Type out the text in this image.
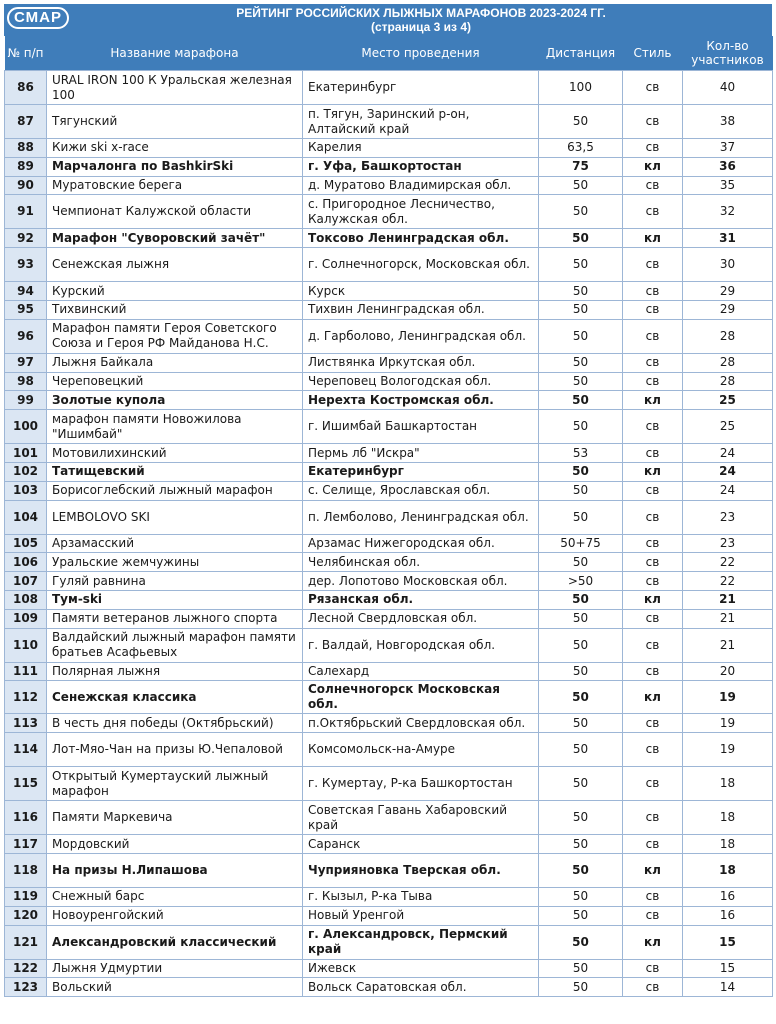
СМАР	РЕЙТИНГ РОССИЙСКИХ ЛЫЖНЫХ МАРАФОНОВ 2023-2024 ГГ.
(страница 3 из 4)
№ п/п	Название марафона	Место проведения	Дистанция	Стиль	Кол-во участников
86	URAL IRON 100 К Уральская железная 100	Екатеринбург	100	св	40
87	Тягунский	п. Тягун, Заринский р-он, Алтайский край	50	св	38
88	Кижи ski x-race	Карелия	63,5	св	37
89	Марчалонга по BashkirSki	г. Уфа, Башкортостан	75	кл	36
90	Муратовские берега	д. Муратово Владимирская обл.	50	св	35
91	Чемпионат Калужской области	с. Пригородное Лесничество, Калужская обл.	50	св	32
92	Марафон "Суворовский зачёт"	Токсово Ленинградская обл.	50	кл	31
93	Сенежская лыжня	г. Солнечногорск, Московская обл.	50	св	30
94	Курский	Курск	50	св	29
95	Тихвинский	Тихвин Ленинградская обл.	50	св	29
96	Марафон памяти Героя Советского Союза и Героя РФ Майданова Н.С.	д. Гарболово, Ленинградская обл.	50	св	28
97	Лыжня Байкала	Листвянка Иркутская обл.	50	св	28
98	Череповецкий	Череповец Вологодская обл.	50	св	28
99	Золотые купола	Нерехта Костромская обл.	50	кл	25
100	марафон памяти Новожилова "Ишимбай"	г. Ишимбай Башкартостан	50	св	25
101	Мотовилихинский	Пермь лб "Искра"	53	св	24
102	Татищевский	Екатеринбург	50	кл	24
103	Борисоглебский лыжный марафон	с. Селище, Ярославская обл.	50	св	24
104	LEMBOLOVO SKI	п. Лемболово, Ленинградская обл.	50	св	23
105	Арзамасский	Арзамас Нижегородская обл.	50+75	св	23
106	Уральские жемчужины	Челябинская обл.	50	св	22
107	Гуляй равнина	дер. Лопотово Московская обл.	>50	св	22
108	Тум-ski	Рязанская обл.	50	кл	21
109	Памяти ветеранов лыжного спорта	Лесной Свердловская обл.	50	св	21
110	Валдайский лыжный марафон памяти братьев Асафьевых	г. Валдай, Новгородская обл.	50	св	21
111	Полярная лыжня	Салехард	50	св	20
112	Сенежская классика	Солнечногорск Московская обл.	50	кл	19
113	В честь дня победы (Октябрьский)	п.Октябрьский Свердловская обл.	50	св	19
114	Лот-Мяо-Чан на призы Ю.Чепаловой	Комсомольск-на-Амуре	50	св	19
115	Открытый Кумертауский лыжный марафон	г. Кумертау, Р-ка Башкортостан	50	св	18
116	Памяти Маркевича	Советская Гавань Хабаровский край	50	св	18
117	Мордовский	Саранск	50	св	18
118	На призы Н.Липашова	Чуприяновка Тверская обл.	50	кл	18
119	Снежный барс	г. Кызыл, Р-ка Тыва	50	св	16
120	Новоуренгойский	Новый Уренгой	50	св	16
121	Александровский классический	г. Александровск, Пермский край	50	кл	15
122	Лыжня Удмуртии	Ижевск	50	св	15
123	Вольский	Вольск Саратовская обл.	50	св	14
